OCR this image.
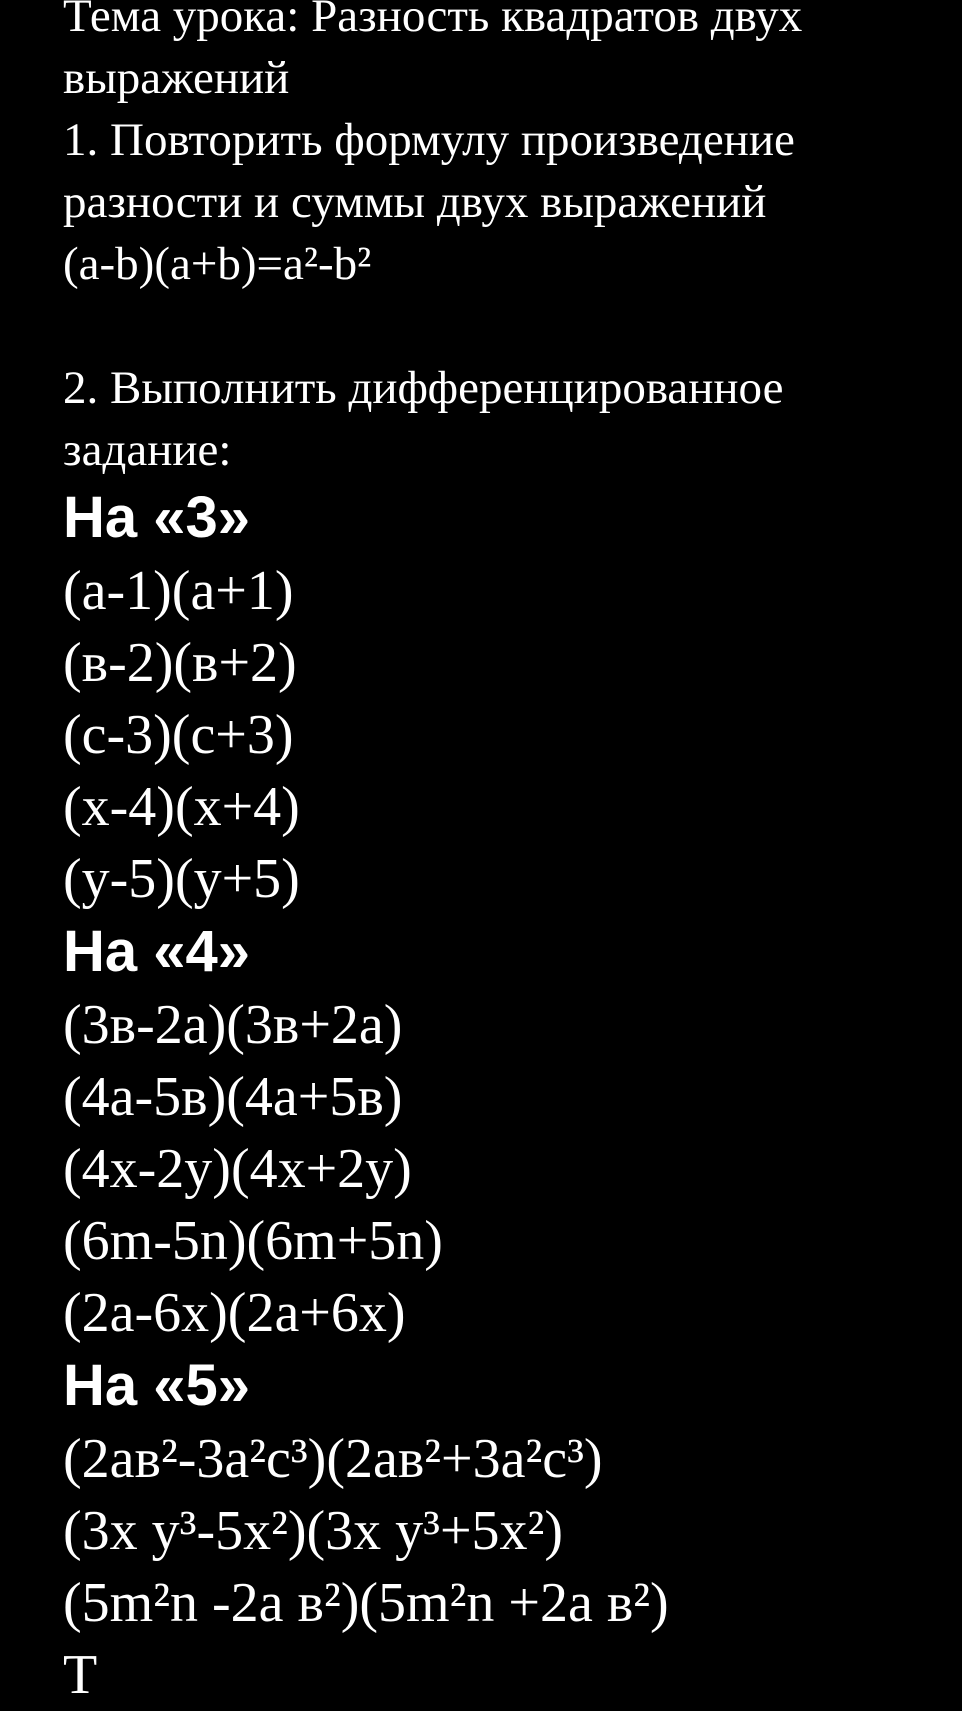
Тема урока: Разность квадратов двух выражений

1. Повторить формулу произведение разности и суммы двух выражений

(a-b)(a+b)=a²-b²

2. Выполнить дифференцированное задание:

На «3»

(а-1)(а+1)

(в-2)(в+2)

(с-3)(с+3)

(х-4)(х+4)

(у-5)(у+5)

На «4»

(3в-2а)(3в+2а)

(4а-5в)(4а+5в)

(4х-2у)(4х+2у)

(6m-5n)(6m+5n)

(2а-6х)(2а+6х)

На «5»

(2ав²-3а²с³)(2ав²+3а²с³)

(3х у³-5х²)(3х у³+5х²)

(5m²n -2а в²)(5m²n +2а в²)

Т
